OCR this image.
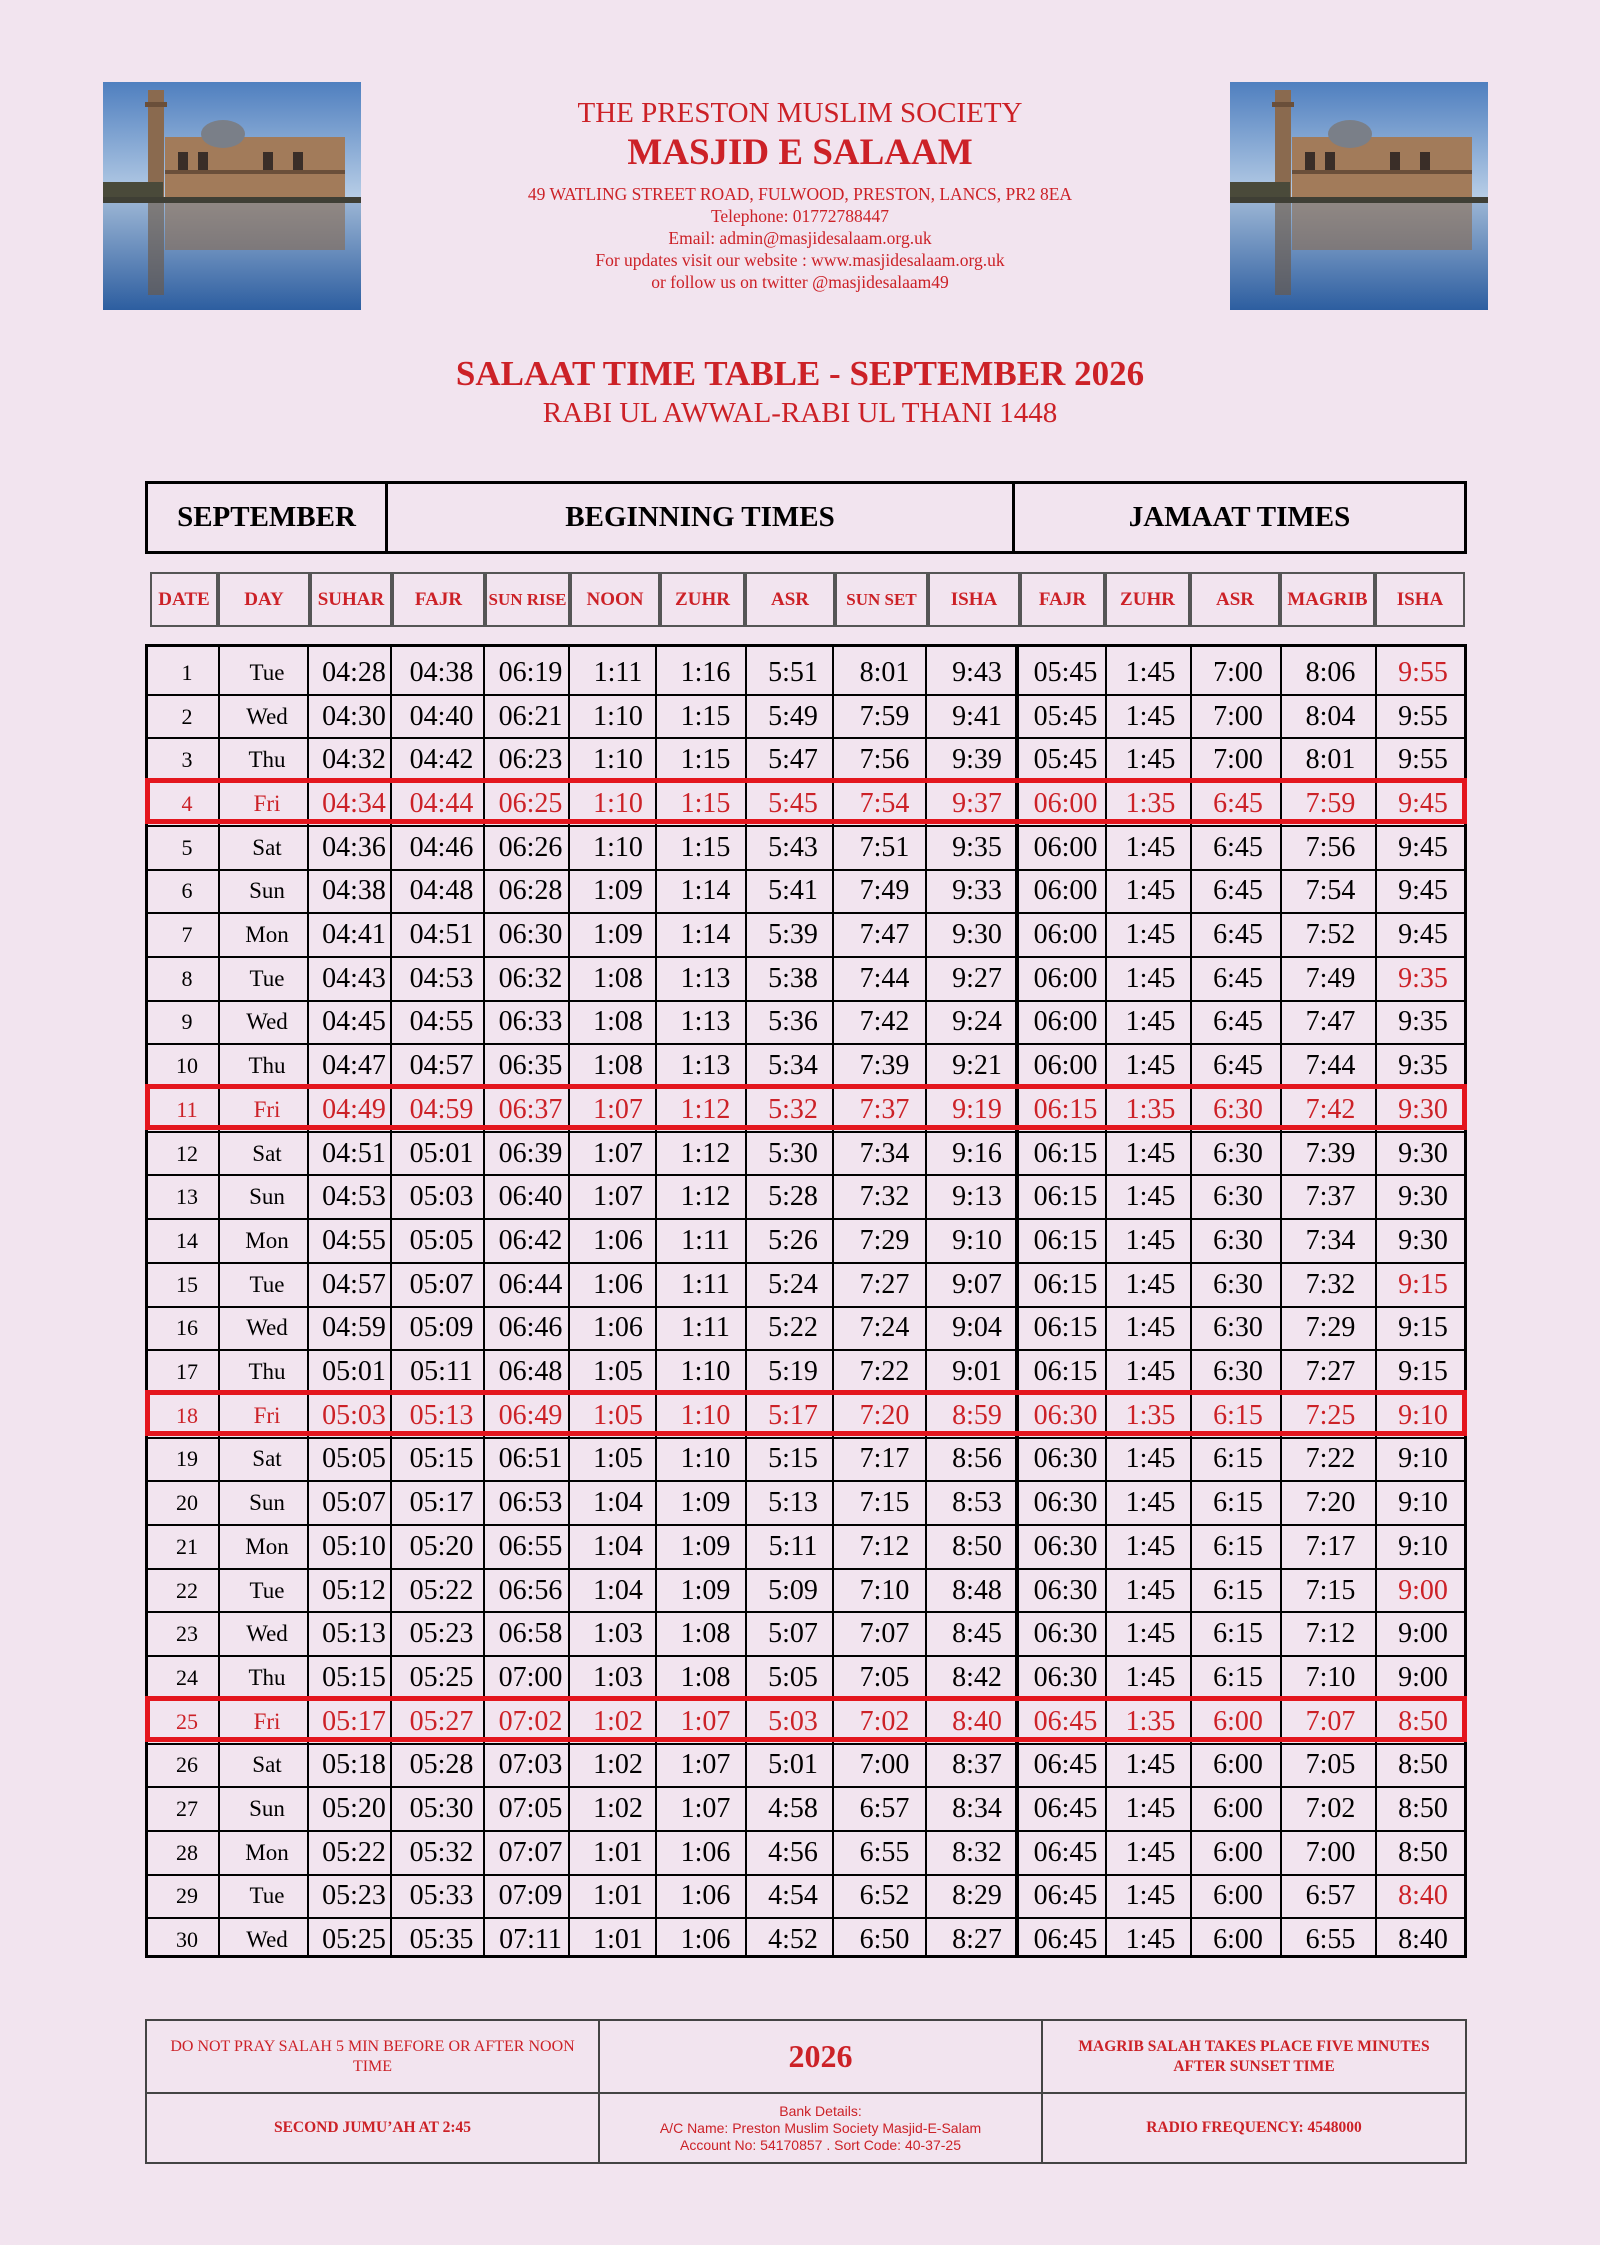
THE PRESTON MUSLIM SOCIETY
MASJID E SALAAM
49 WATLING STREET ROAD, FULWOOD, PRESTON, LANCS, PR2 8EA
Telephone: 01772788447
Email: admin@masjidesalaam.org.uk
For updates visit our website : www.masjidesalaam.org.uk
or follow us on twitter @masjidesalaam49
SALAAT TIME TABLE - SEPTEMBER 2026
RABI UL AWWAL-RABI UL THANI 1448
SEPTEMBER	BEGINNING TIMES	JAMAAT TIMES
DATE	DAY	SUHAR	FAJR	SUN RISE	NOON	ZUHR	ASR	SUN SET	ISHA	FAJR	ZUHR	ASR	MAGRIB	ISHA
1	Tue	04:28 04:38 06:19	1:11	1:16	5:51	8:01	9:43	05:45	1:45	7:00	8:06	9:55
2	Wed	04:30 04:40 06:21	1:10	1:15	5:49	7:59	9:41	05:45	1:45	7:00	8:04	9:55
3	Thu	04:32 04:42 06:23	1:10	1:15	5:47	7:56	9:39	05:45	1:45	7:00	8:01	9:55
4	Fri	04:34 04:44 06:25	1:10	1:15	5:45	7:54	9:37	06:00	1:35	6:45	7:59	9:45
5	Sat	04:36 04:46 06:26	1:10	1:15	5:43	7:51	9:35	06:00	1:45	6:45	7:56	9:45
6	Sun	04:38 04:48 06:28	1:09	1:14	5:41	7:49	9:33	06:00	1:45	6:45	7:54	9:45
7	Mon	04:41 04:51 06:30	1:09	1:14	5:39	7:47	9:30	06:00	1:45	6:45	7:52	9:45
8	Tue	04:43 04:53 06:32	1:08	1:13	5:38	7:44	9:27	06:00	1:45	6:45	7:49	9:35
9	Wed	04:45 04:55 06:33	1:08	1:13	5:36	7:42	9:24	06:00	1:45	6:45	7:47	9:35
10	Thu	04:47 04:57 06:35	1:08	1:13	5:34	7:39	9:21	06:00	1:45	6:45	7:44	9:35
11	Fri	04:49 04:59 06:37	1:07	1:12	5:32	7:37	9:19	06:15	1:35	6:30	7:42	9:30
12	Sat	04:51 05:01 06:39	1:07	1:12	5:30	7:34	9:16	06:15	1:45	6:30	7:39	9:30
13	Sun	04:53 05:03 06:40	1:07	1:12	5:28	7:32	9:13	06:15	1:45	6:30	7:37	9:30
14	Mon	04:55 05:05 06:42	1:06	1:11	5:26	7:29	9:10	06:15	1:45	6:30	7:34	9:30
15	Tue	04:57 05:07 06:44	1:06	1:11	5:24	7:27	9:07	06:15	1:45	6:30	7:32	9:15
16	Wed	04:59 05:09 06:46	1:06	1:11	5:22	7:24	9:04	06:15	1:45	6:30	7:29	9:15
17	Thu	05:01 05:11 06:48	1:05	1:10	5:19	7:22	9:01	06:15	1:45	6:30	7:27	9:15
18	Fri	05:03 05:13 06:49	1:05	1:10	5:17	7:20	8:59	06:30	1:35	6:15	7:25	9:10
19	Sat	05:05 05:15 06:51	1:05	1:10	5:15	7:17	8:56	06:30	1:45	6:15	7:22	9:10
20	Sun	05:07 05:17 06:53	1:04	1:09	5:13	7:15	8:53	06:30	1:45	6:15	7:20	9:10
21	Mon	05:10 05:20 06:55	1:04	1:09	5:11	7:12	8:50	06:30	1:45	6:15	7:17	9:10
22	Tue	05:12 05:22 06:56	1:04	1:09	5:09	7:10	8:48	06:30	1:45	6:15	7:15	9:00
23	Wed	05:13 05:23 06:58	1:03	1:08	5:07	7:07	8:45	06:30	1:45	6:15	7:12	9:00
24	Thu	05:15 05:25 07:00	1:03	1:08	5:05	7:05	8:42	06:30	1:45	6:15	7:10	9:00
25	Fri	05:17 05:27 07:02	1:02	1:07	5:03	7:02	8:40	06:45	1:35	6:00	7:07	8:50
26	Sat	05:18 05:28 07:03	1:02	1:07	5:01	7:00	8:37	06:45	1:45	6:00	7:05	8:50
27	Sun	05:20 05:30 07:05	1:02	1:07	4:58	6:57	8:34	06:45	1:45	6:00	7:02	8:50
28	Mon	05:22 05:32 07:07	1:01	1:06	4:56	6:55	8:32	06:45	1:45	6:00	7:00	8:50
29	Tue	05:23 05:33 07:09	1:01	1:06	4:54	6:52	8:29	06:45	1:45	6:00	6:57	8:40
30	Wed	05:25 05:35 07:11	1:01	1:06	4:52	6:50	8:27	06:45	1:45	6:00	6:55	8:40
DO NOT PRAY SALAH 5 MIN BEFORE OR AFTER NOON TIME	2026	MAGRIB SALAH TAKES PLACE FIVE MINUTES AFTER SUNSET TIME
SECOND JUMU’AH AT 2:45
Bank Details:
A/C Name: Preston Muslim Society Masjid-E-Salam
Account No: 54170857 . Sort Code: 40-37-25
RADIO FREQUENCY: 4548000
